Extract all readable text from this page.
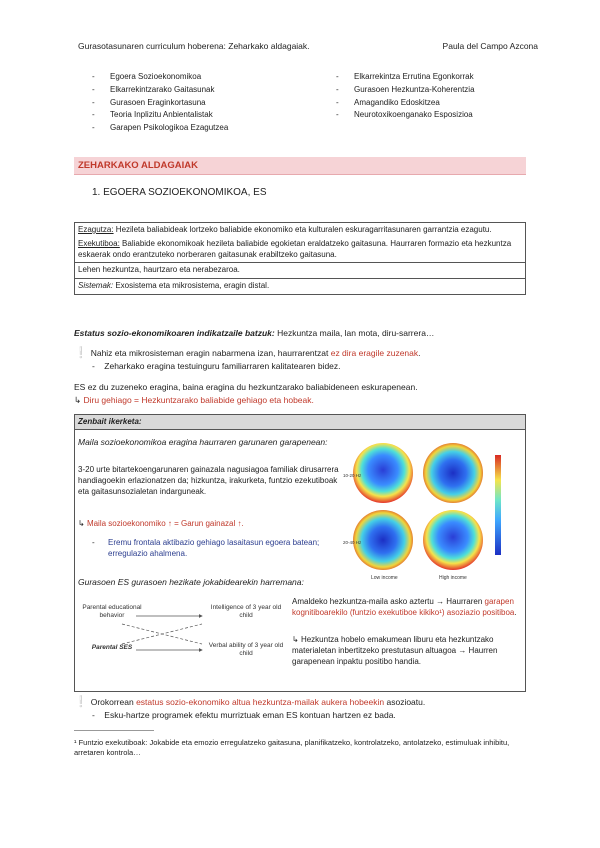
Gurasotasunaren curriculum hoberena: Zeharkako aldagaiak.	Paula del Campo Azcona
- Egoera Sozioekonomikoa
- Elkarrekintzarako Gaitasunak
- Gurasoen Eraginkortasuna
- Teoria Inplizitu Anbientalistak
- Garapen Psikologikoa Ezagutzea
- Elkarrekintza Errutina Egonkorrak
- Gurasoen Hezkuntza-Koherentzia
- Amagandiko Edoskitzea
- Neurotoxikoenganako Esposizioa
ZEHARKAKO ALDAGAIAK
1. EGOERA SOZIOEKONOMIKOA, ES
Ezagutza: Hezileta baliabideak lortzeko baliabide ekonomiko eta kulturalen eskuragarritasunaren garrantzia ezagutu.
Exekutiboa: Baliabide ekonomikoak hezileta baliabide egokietan eraldatzeko gaitasuna. Haurraren formazio eta hezkuntza eskaerak ondo erantzuteko norberaren gaitasunak erabiltzeko gaitasuna.
Lehen hezkuntza, haurtzaro eta nerabezaroa.
Sistemak: Exosistema eta mikrosistema, eragin distal.
Estatus sozio-ekonomikoaren indikatzaile batzuk: Hezkuntza maila, lan mota, diru-sarrera…
❕ Nahiz eta mikrosisteman eragin nabarmena izan, haurrarentzat ez dira eragile zuzenak.
-    Zeharkako eragina testuinguru familiarraren kalitatearen bidez.
ES ez du zuzeneko eragina, baina eragina du hezkuntzarako baliabideneen eskurapenean.
↳ Diru gehiago = Hezkuntzarako baliabide gehiago eta hobeak.
Zenbait ikerketa:
Maila sozioekonomikoa eragina haurraren garunaren garapenean:
3-20 urte bitartekoengarunaren gainazala nagusiagoa familiak dirusarrera handiagoekin erlazionatzen da; hizkuntza, irakurketa, funtzio ezekutiboak eta gaitasunsozialetan indarguneak.
↳ Maila sozioekonomiko ↑ = Garun gainazal ↑.
- Eremu frontala aktibazio gehiago lasaitasun egoera batean; erregulazio ahalmena.
10-20 Hz
20-40 Hz
Low income	High income
Gurasoen ES gurasoen hezikate jokabidearekin harremana:
Parental educational behavior
Intelligence of 3 year old child
Parental SES	Verbal ability of 3 year old child
Amaldeko hezkuntza-maila asko aztertu → Haurraren garapen kognitiboarekilo (funtzio exekutiboe kikiko¹) asoziazio positiboa.
↳ Hezkuntza hobelo emakumean liburu eta hezkuntzako materialetan inbertitzeko prestutasun altuagoa → Haurren garapenean inpaktu positibo handia.
❕ Orokorrean estatus sozio-ekonomiko altua hezkuntza-mailak aukera hobeekin asozioatu.
-    Esku-hartze programek efektu murriztuak eman ES kontuan hartzen ez bada.
¹ Funtzio exekutiboak: Jokabide eta emozio erregulatzeko gaitasuna, planifikatzeko, kontrolatzeko, antolatzeko, estimuluak inhibitu, arretaren kontrola…
